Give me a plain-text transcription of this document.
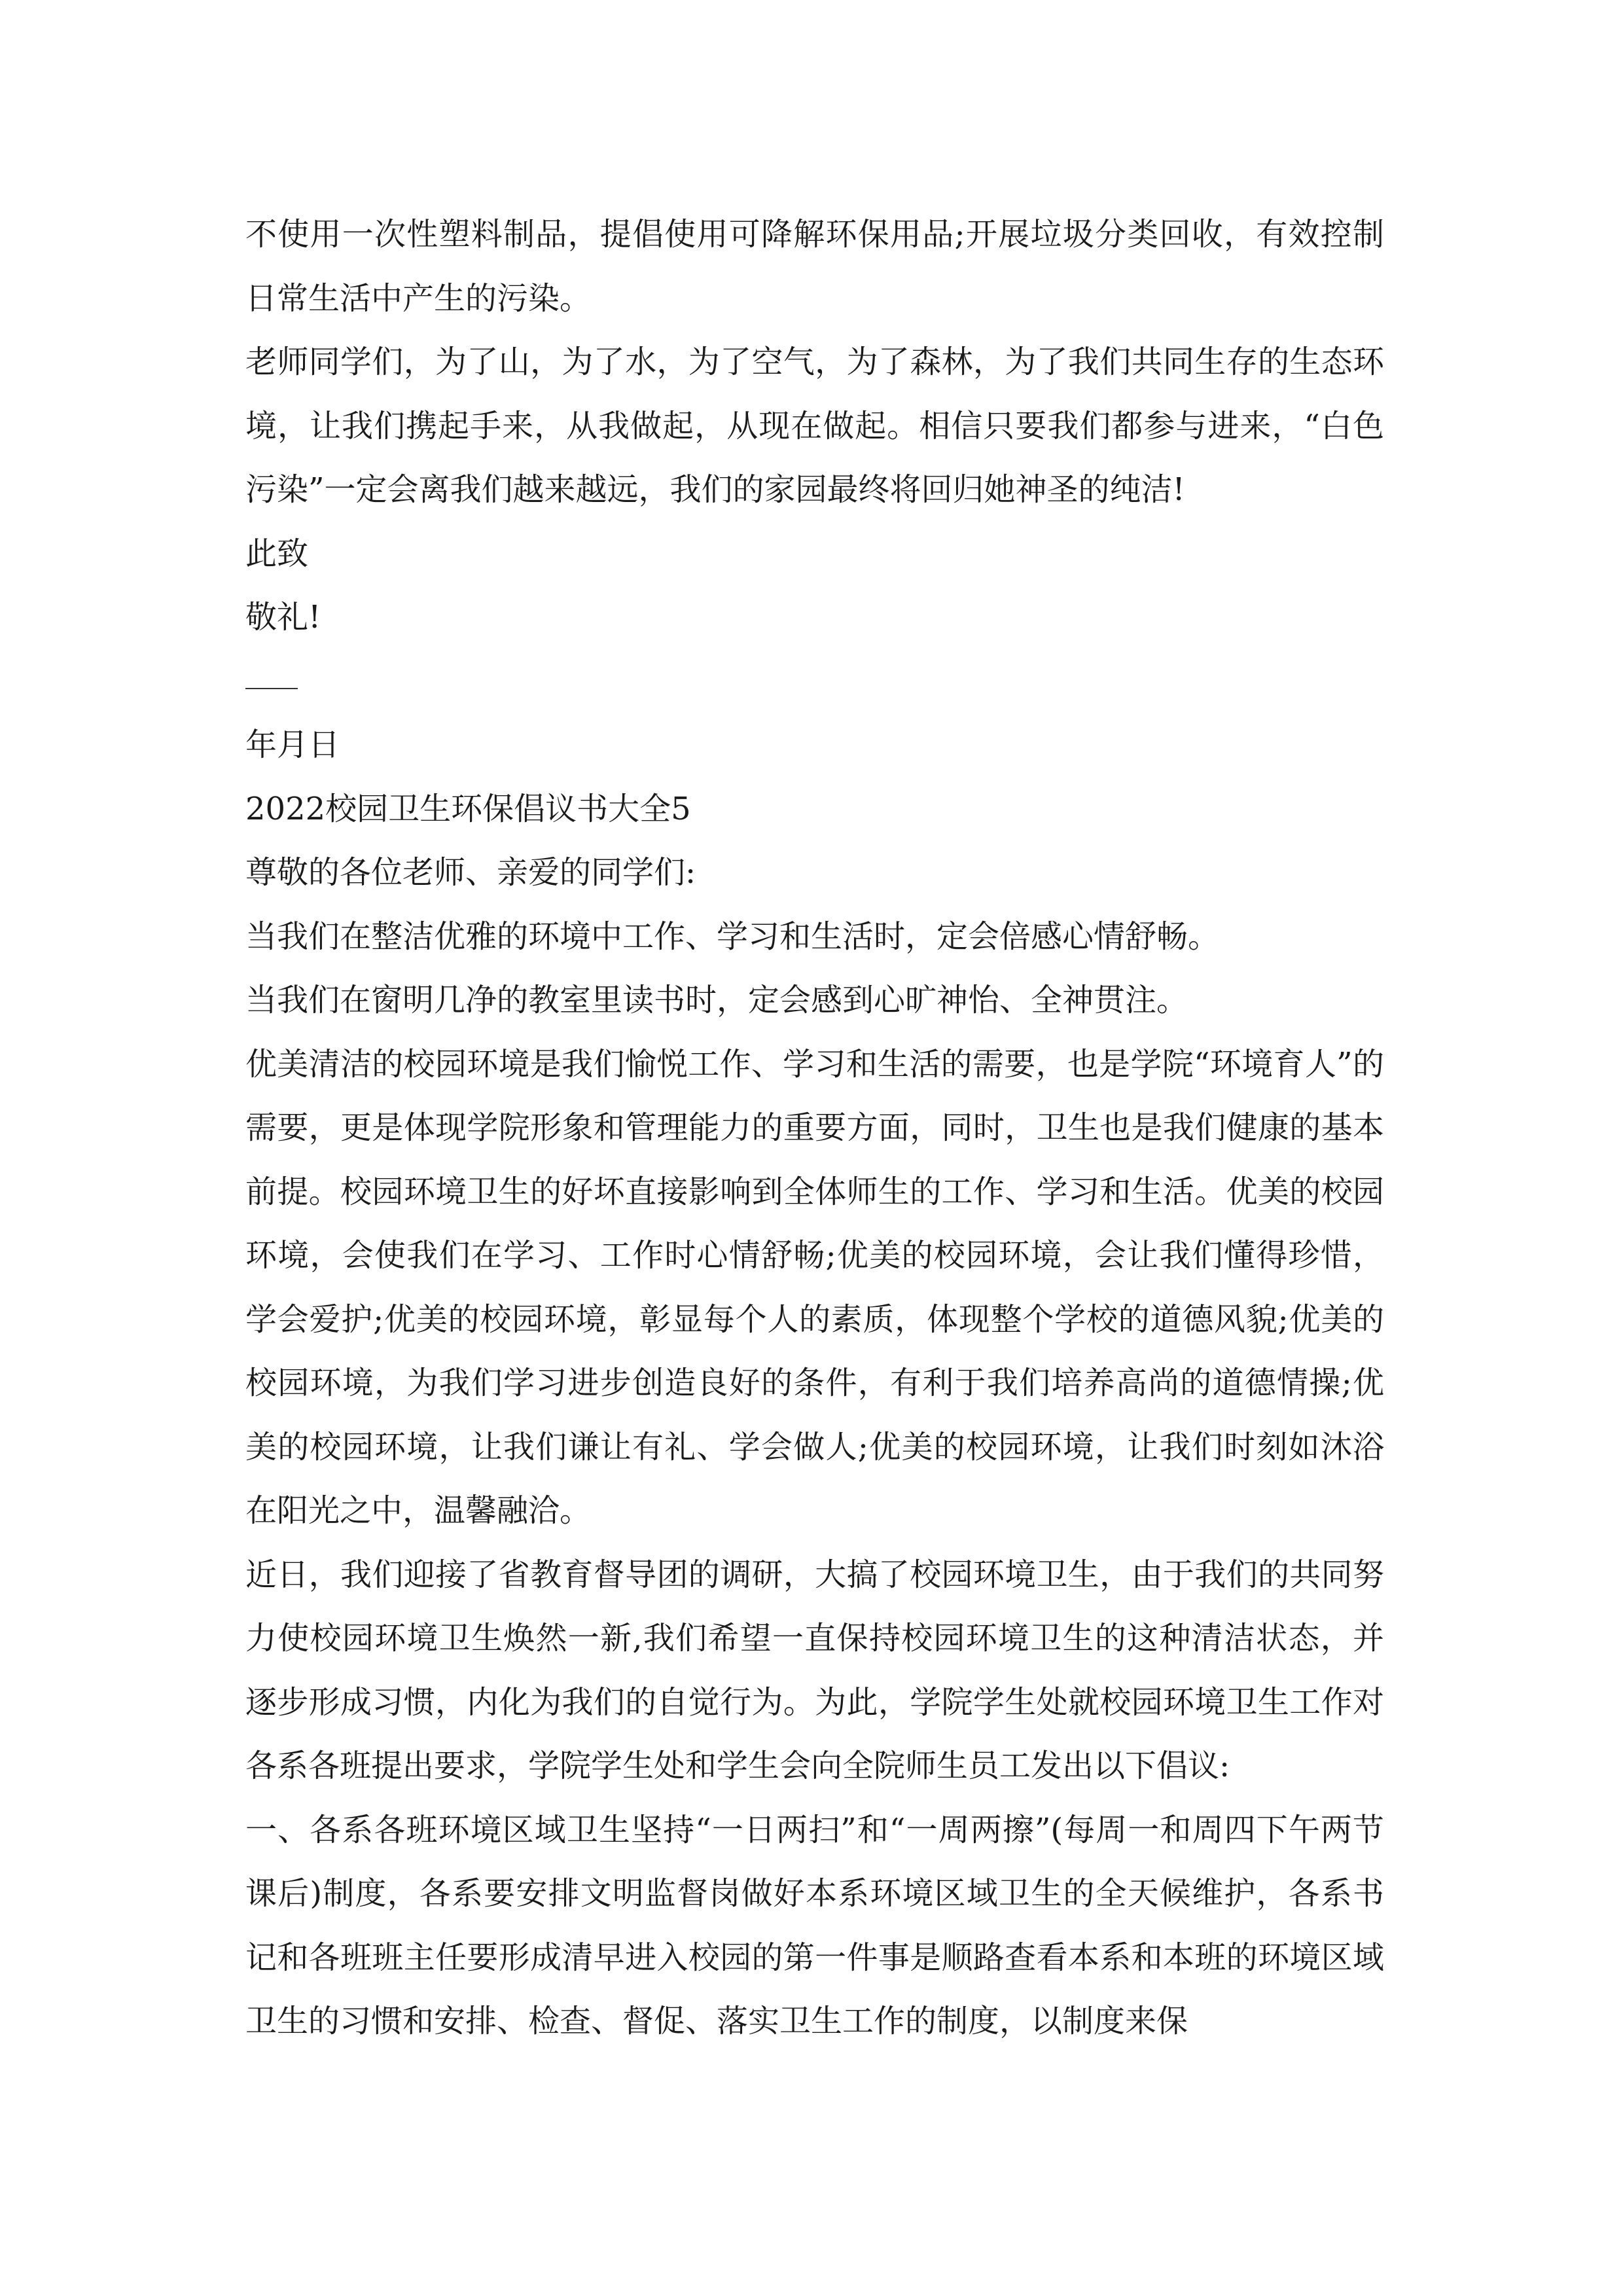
不使用一次性塑料制品，提倡使用可降解环保用品;开展垃圾分类回收，有效控制日常生活中产生的污染。

老师同学们，为了山，为了水，为了空气，为了森林，为了我们共同生存的生态环境，让我们携起手来，从我做起，从现在做起。相信只要我们都参与进来，“白色污染”一定会离我们越来越远，我们的家园最终将回归她神圣的纯洁!

此致

敬礼!

年月日

2022校园卫生环保倡议书大全5

尊敬的各位老师、亲爱的同学们:

当我们在整洁优雅的环境中工作、学习和生活时，定会倍感心情舒畅。

当我们在窗明几净的教室里读书时，定会感到心旷神怡、全神贯注。

优美清洁的校园环境是我们愉悦工作、学习和生活的需要，也是学院“环境育人”的需要，更是体现学院形象和管理能力的重要方面，同时，卫生也是我们健康的基本前提。校园环境卫生的好坏直接影响到全体师生的工作、学习和生活。优美的校园环境，会使我们在学习、工作时心情舒畅;优美的校园环境，会让我们懂得珍惜，学会爱护;优美的校园环境，彰显每个人的素质，体现整个学校的道德风貌;优美的校园环境，为我们学习进步创造良好的条件，有利于我们培养高尚的道德情操;优美的校园环境，让我们谦让有礼、学会做人;优美的校园环境，让我们时刻如沐浴在阳光之中，温馨融洽。

近日，我们迎接了省教育督导团的调研，大搞了校园环境卫生，由于我们的共同努力使校园环境卫生焕然一新,我们希望一直保持校园环境卫生的这种清洁状态，并逐步形成习惯，内化为我们的自觉行为。为此，学院学生处就校园环境卫生工作对各系各班提出要求，学院学生处和学生会向全院师生员工发出以下倡议:

一、各系各班环境区域卫生坚持“一日两扫”和“一周两擦”(每周一和周四下午两节课后)制度，各系要安排文明监督岗做好本系环境区域卫生的全天候维护，各系书记和各班班主任要形成清早进入校园的第一件事是顺路查看本系和本班的环境区域卫生的习惯和安排、检查、督促、落实卫生工作的制度，以制度来保
